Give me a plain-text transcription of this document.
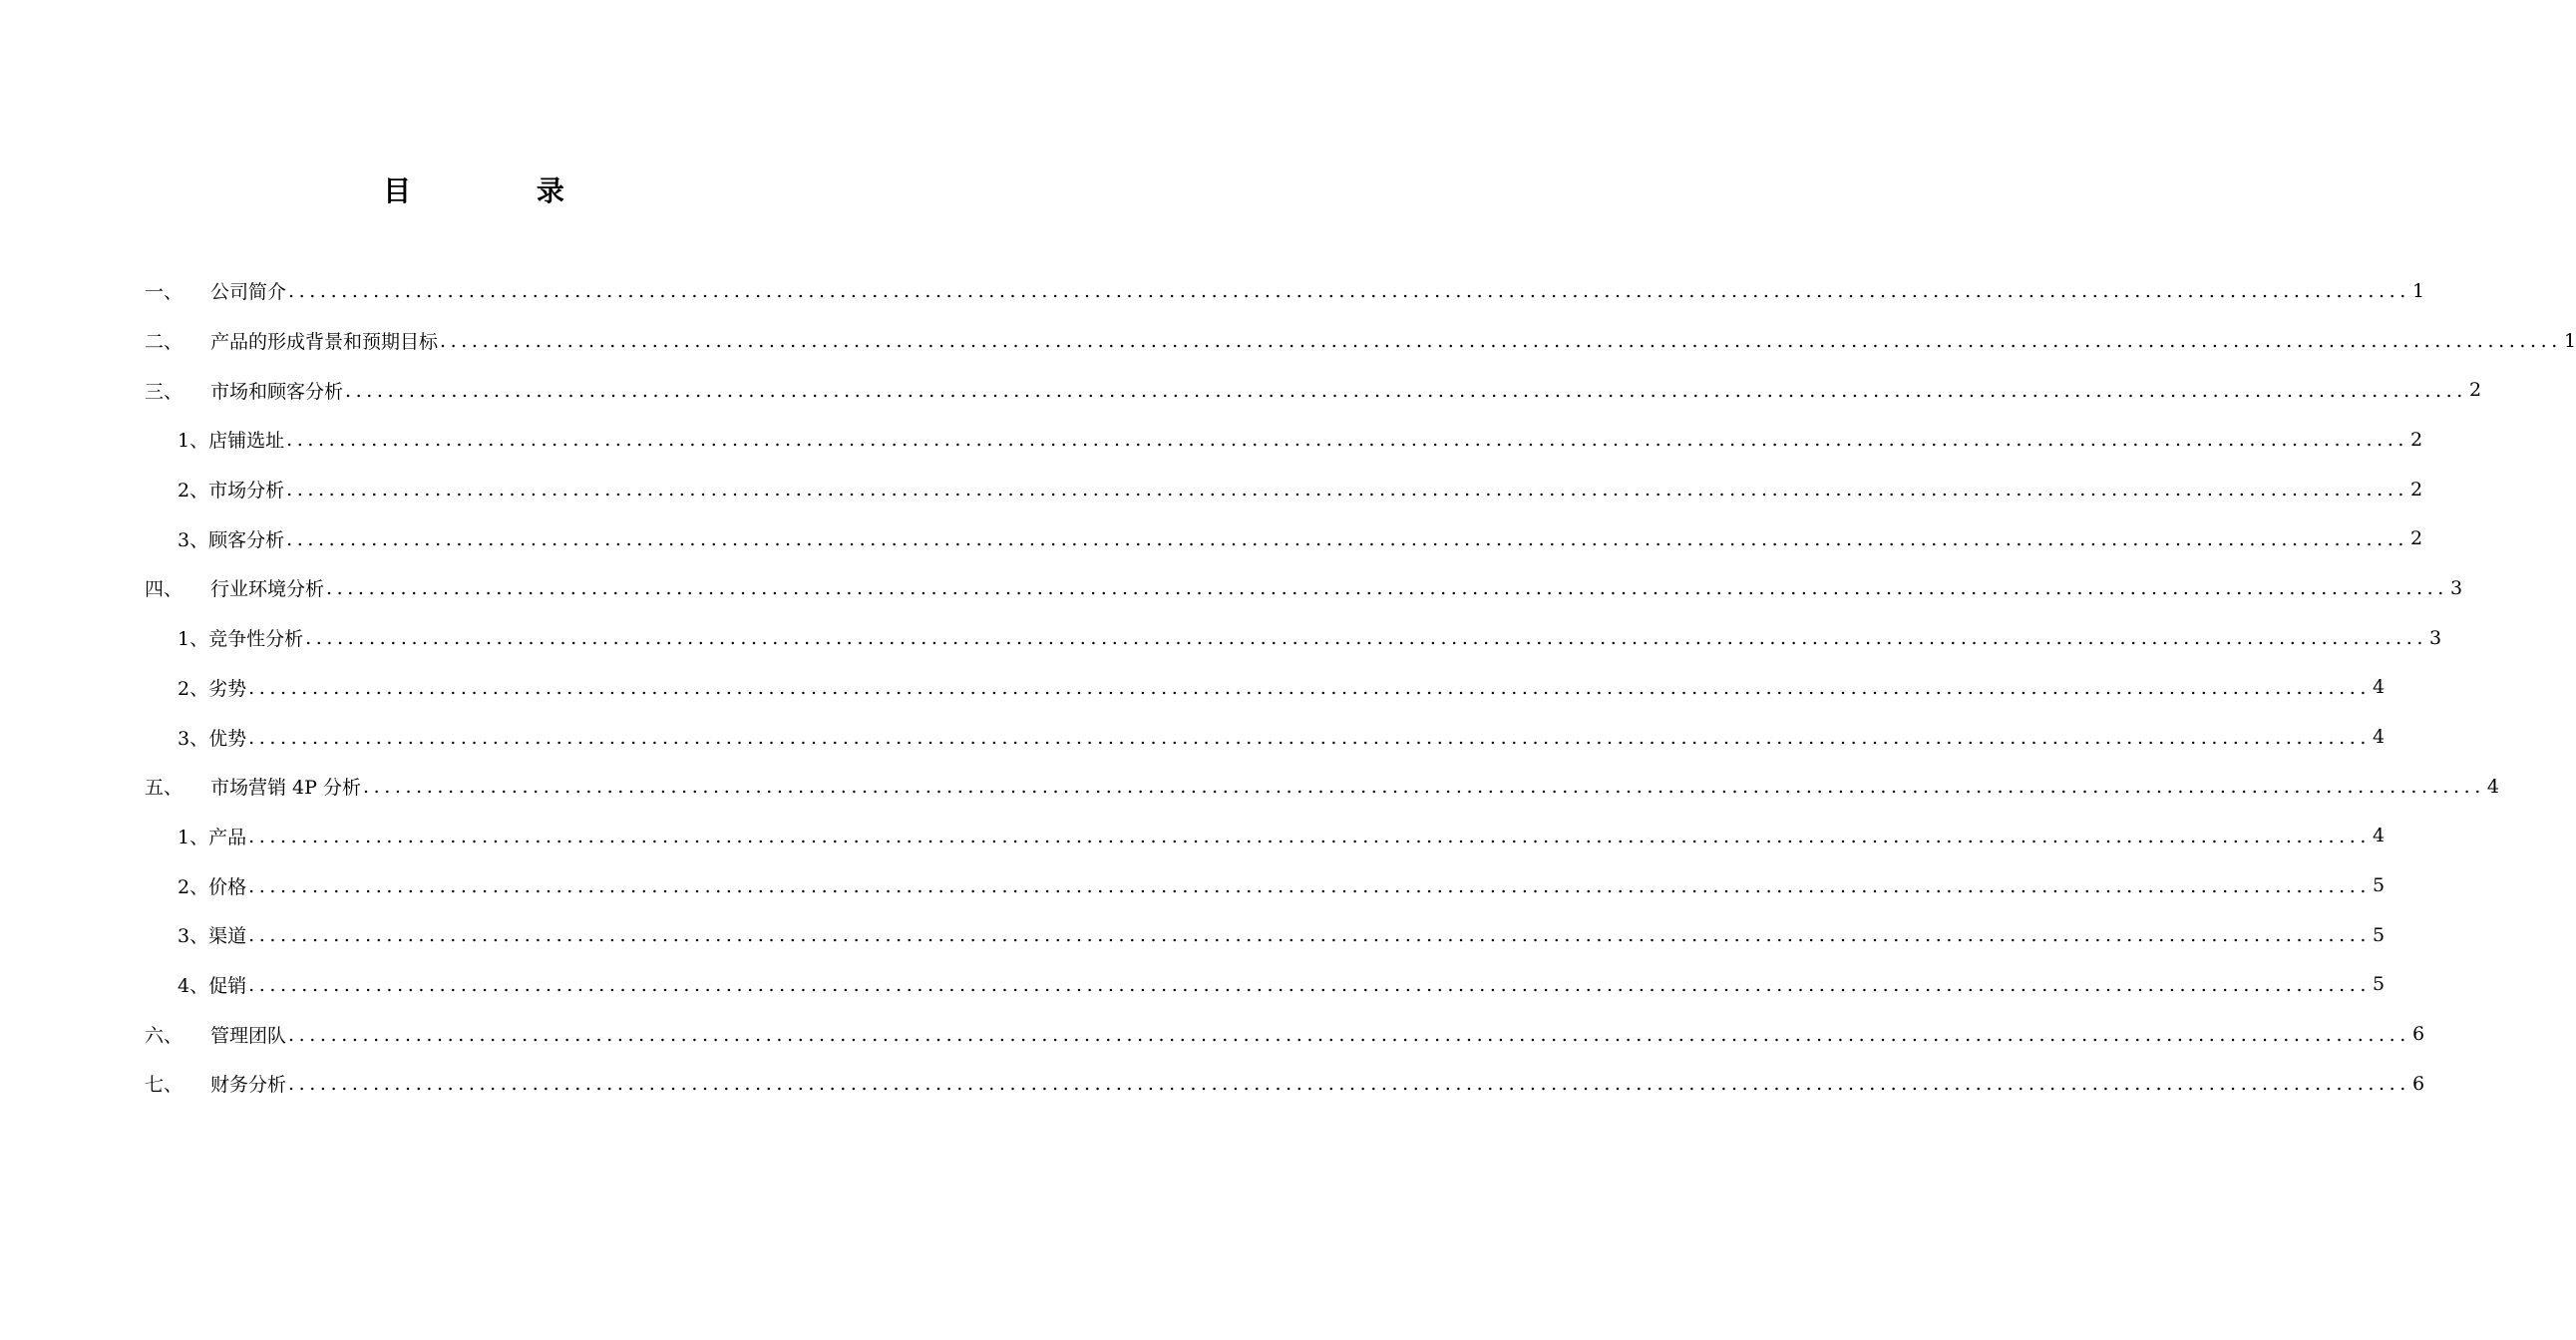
目 录
一、	公司简介 ........................................................................................................................................................................................................ 1
二、	产品的形成背景和预期目标 ........................................................................................................................................................................................................ 1
三、	市场和顾客分析 ........................................................................................................................................................................................................ 2
1、 店铺选址 ........................................................................................................................................................................................................ 2
2、 市场分析 ........................................................................................................................................................................................................ 2
3、 顾客分析 ........................................................................................................................................................................................................ 2
四、	行业环境分析 ........................................................................................................................................................................................................ 3
1、 竞争性分析 ........................................................................................................................................................................................................ 3
2、 劣势 ........................................................................................................................................................................................................ 4
3、 优势 ........................................................................................................................................................................................................ 4
五、	市场营销 4P 分析 ........................................................................................................................................................................................................ 4
1、 产品 ........................................................................................................................................................................................................ 4
2、 价格 ........................................................................................................................................................................................................ 5
3、 渠道 ........................................................................................................................................................................................................ 5
4、 促销 ........................................................................................................................................................................................................ 5
六、	管理团队 ........................................................................................................................................................................................................ 6
七、	财务分析 ........................................................................................................................................................................................................ 6
